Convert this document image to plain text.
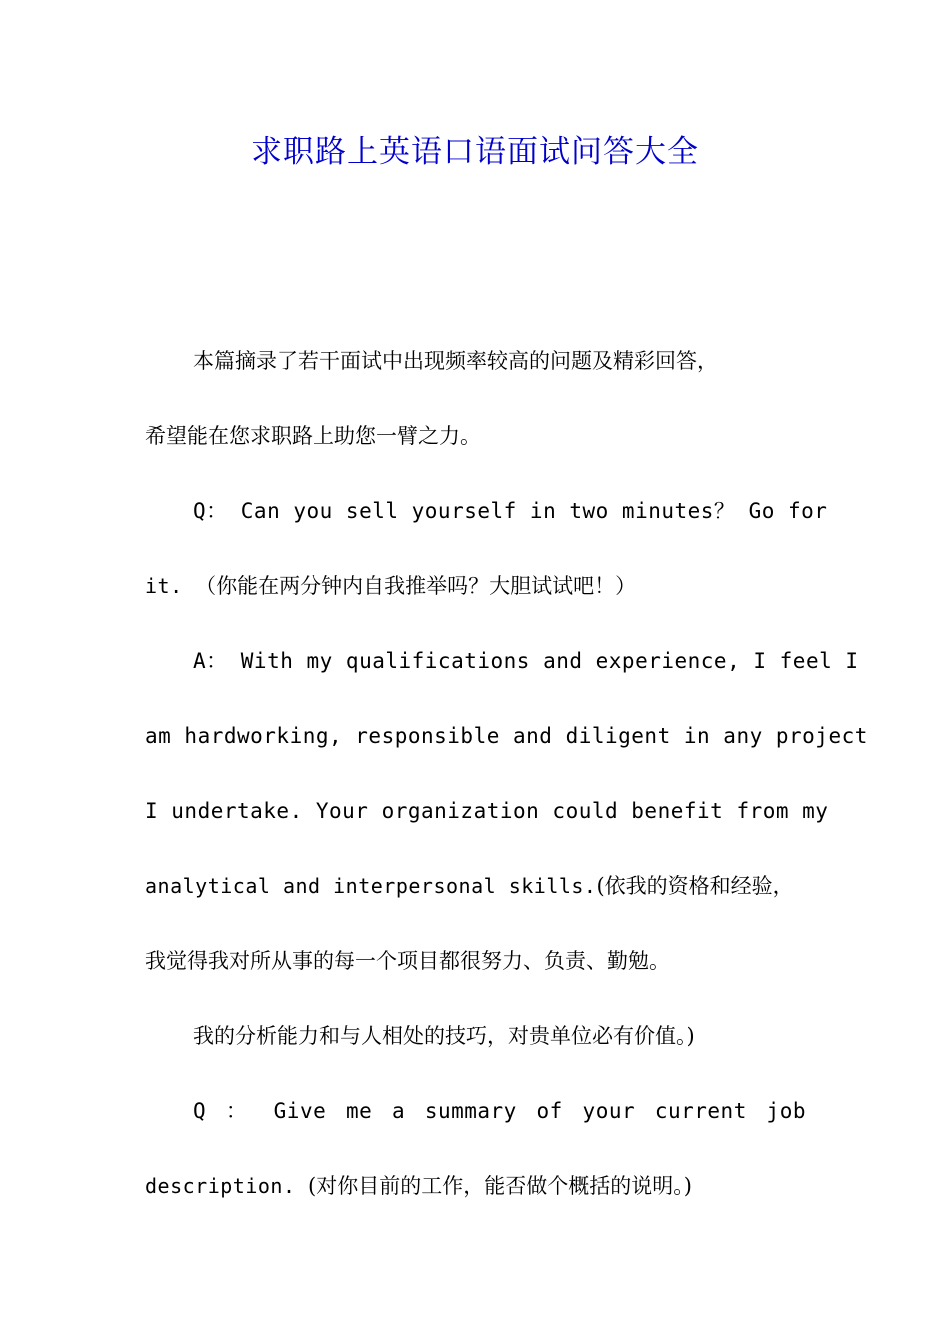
求职路上英语口语面试问答大全
本篇摘录了若干面试中出现频率较高的问题及精彩回答，
希望能在您求职路上助您一臂之力。
Q： Can you sell yourself in two minutes？ Go for
it. （你能在两分钟内自我推举吗？大胆试试吧！）
A： With my qualifications and experience, I feel I
am hardworking, responsible and diligent in any project
I undertake. Your organization could benefit from my
analytical and interpersonal skills.(依我的资格和经验，
我觉得我对所从事的每一个项目都很努力、负责、勤勉。
我的分析能力和与人相处的技巧，对贵单位必有价值。)
Q ： Give me a summary of your current job
description. (对你目前的工作，能否做个概括的说明。)
